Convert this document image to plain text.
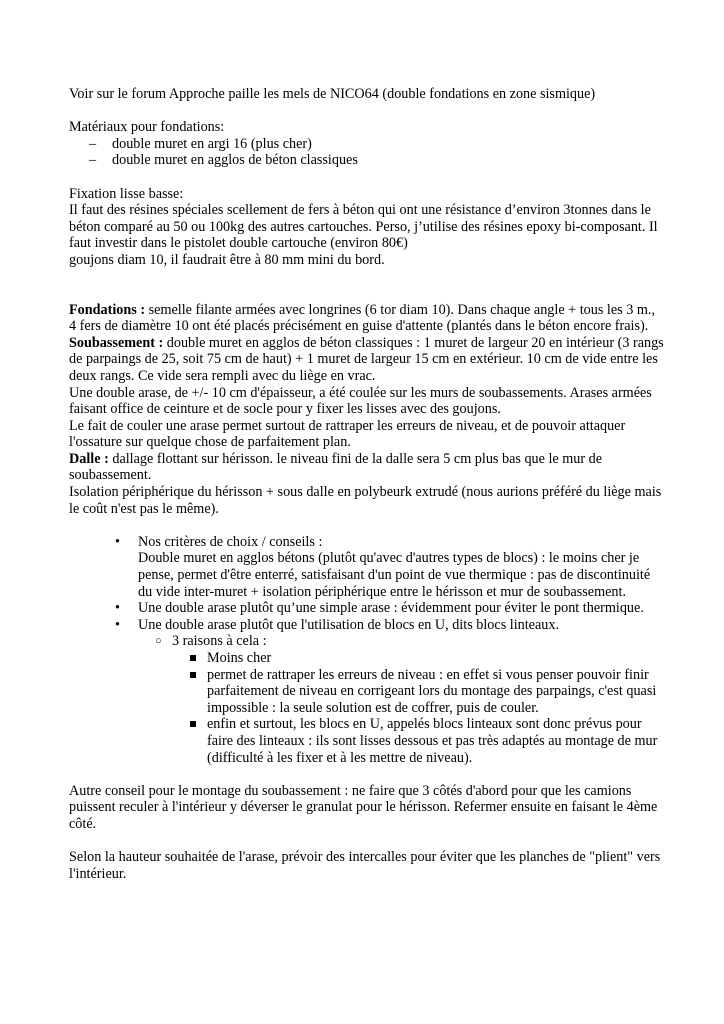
Voir sur le forum Approche paille les mels de NICO64 (double fondations en zone sismique)

Matériaux pour fondations:

– double muret en argi 16 (plus cher)
– double muret en agglos de béton classiques

Fixation lisse basse:

Il faut des résines spéciales scellement de fers à béton qui ont une résistance d’environ 3tonnes dans le béton comparé au 50 ou 100kg des autres cartouches. Perso, j’utilise des résines epoxy bi-composant. Il faut investir dans le pistolet double cartouche (environ 80€)

goujons diam 10, il faudrait être à 80 mm mini du bord.

Fondations : semelle filante armées avec longrines (6 tor diam 10). Dans chaque angle + tous les 3 m., 4 fers de diamètre 10 ont été placés précisément en guise d'attente (plantés dans le béton encore frais).

Soubassement : double muret en agglos de béton classiques : 1 muret de largeur 20 en intérieur (3 rangs de parpaings de 25, soit 75 cm de haut) + 1 muret de largeur 15 cm en extérieur. 10 cm de vide entre les deux rangs. Ce vide sera rempli avec du liège en vrac.

Une double arase, de +/- 10 cm d'épaisseur, a été coulée sur les murs de soubassements. Arases armées faisant office de ceinture et de socle pour y fixer les lisses avec des goujons.

Le fait de couler une arase permet surtout de rattraper les erreurs de niveau, et de pouvoir attaquer l'ossature sur quelque chose de parfaitement plan.

Dalle : dallage flottant sur hérisson. le niveau fini de la dalle sera 5 cm plus bas que le mur de soubassement.

Isolation périphérique du hérisson + sous dalle en polybeurk extrudé (nous aurions préféré du liège mais le coût n'est pas le même).

• Nos critères de choix / conseils :
Double muret en agglos bétons (plutôt qu'avec d'autres types de blocs) : le moins cher je pense, permet d'être enterré, satisfaisant d'un point de vue thermique : pas de discontinuité du vide inter-muret + isolation périphérique entre le hérisson et mur de soubassement.
• Une double arase plutôt qu’une simple arase : évidemment pour éviter le pont thermique.
• Une double arase plutôt que l'utilisation de blocs en U, dits blocs linteaux.
○ 3 raisons à cela :
Moins cher
permet de rattraper les erreurs de niveau : en effet si vous penser pouvoir finir parfaitement de niveau en corrigeant lors du montage des parpaings, c'est quasi impossible : la seule solution est de coffrer, puis de couler.
enfin et surtout, les blocs en U, appelés blocs linteaux sont donc prévus pour faire des linteaux : ils sont lisses dessous et pas très adaptés au montage de mur (difficulté à les fixer et à les mettre de niveau).

Autre conseil pour le montage du soubassement : ne faire que 3 côtés d'abord pour que les camions puissent reculer à l'intérieur y déverser le granulat pour le hérisson. Refermer ensuite en faisant le 4ème côté.

Selon la hauteur souhaitée de l'arase, prévoir des intercalles pour éviter que les planches de "plient" vers l'intérieur.
